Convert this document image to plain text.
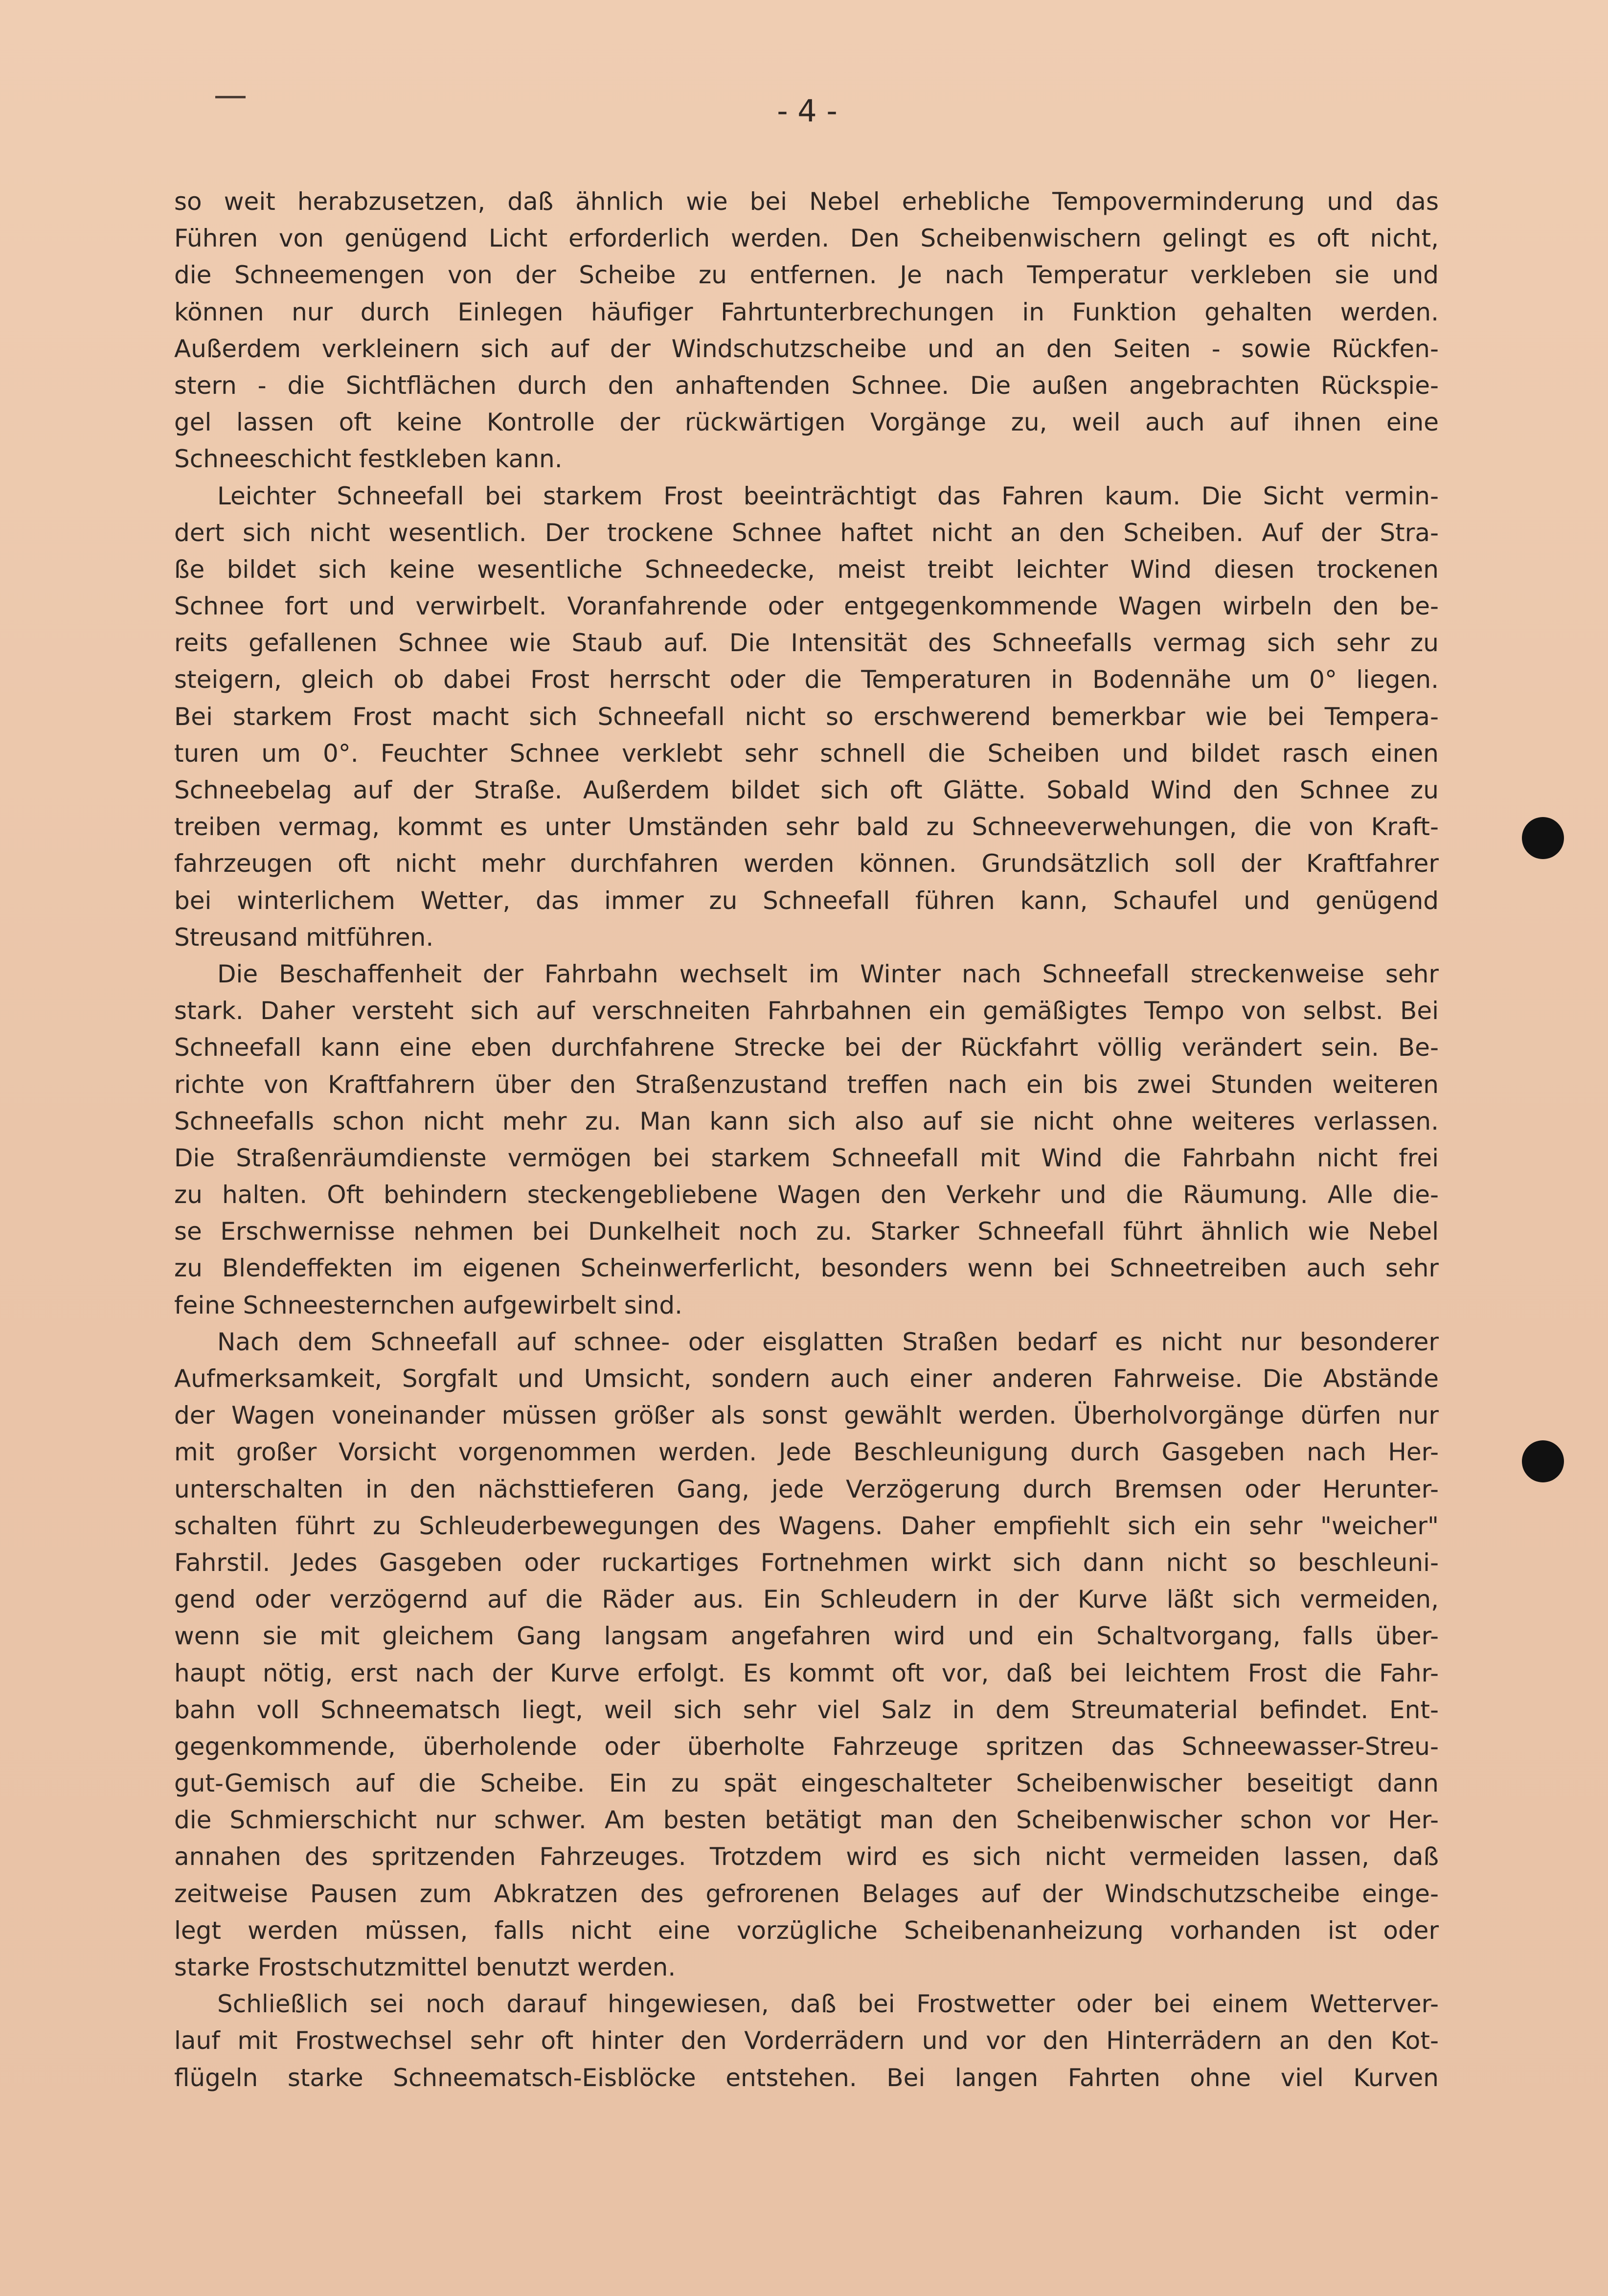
- 4 -
so weit herabzusetzen, daß ähnlich wie bei Nebel erhebliche Tempoverminderung und das
Führen von genügend Licht erforderlich werden. Den Scheibenwischern gelingt es oft nicht,
die Schneemengen von der Scheibe zu entfernen. Je nach Temperatur verkleben sie und
können nur durch Einlegen häufiger Fahrtunterbrechungen in Funktion gehalten werden.
Außerdem verkleinern sich auf der Windschutzscheibe und an den Seiten - sowie Rückfen-
stern - die Sichtflächen durch den anhaftenden Schnee. Die außen angebrachten Rückspie-
gel lassen oft keine Kontrolle der rückwärtigen Vorgänge zu, weil auch auf ihnen eine
Schneeschicht festkleben kann.
Leichter Schneefall bei starkem Frost beeinträchtigt das Fahren kaum. Die Sicht vermin-
dert sich nicht wesentlich. Der trockene Schnee haftet nicht an den Scheiben. Auf der Stra-
ße bildet sich keine wesentliche Schneedecke, meist treibt leichter Wind diesen trockenen
Schnee fort und verwirbelt. Voranfahrende oder entgegenkommende Wagen wirbeln den be-
reits gefallenen Schnee wie Staub auf. Die Intensität des Schneefalls vermag sich sehr zu
steigern, gleich ob dabei Frost herrscht oder die Temperaturen in Bodennähe um 0° liegen.
Bei starkem Frost macht sich Schneefall nicht so erschwerend bemerkbar wie bei Tempera-
turen um 0°. Feuchter Schnee verklebt sehr schnell die Scheiben und bildet rasch einen
Schneebelag auf der Straße. Außerdem bildet sich oft Glätte. Sobald Wind den Schnee zu
treiben vermag, kommt es unter Umständen sehr bald zu Schneeverwehungen, die von Kraft-
fahrzeugen oft nicht mehr durchfahren werden können. Grundsätzlich soll der Kraftfahrer
bei winterlichem Wetter, das immer zu Schneefall führen kann, Schaufel und genügend
Streusand mitführen.
Die Beschaffenheit der Fahrbahn wechselt im Winter nach Schneefall streckenweise sehr
stark. Daher versteht sich auf verschneiten Fahrbahnen ein gemäßigtes Tempo von selbst. Bei
Schneefall kann eine eben durchfahrene Strecke bei der Rückfahrt völlig verändert sein. Be-
richte von Kraftfahrern über den Straßenzustand treffen nach ein bis zwei Stunden weiteren
Schneefalls schon nicht mehr zu. Man kann sich also auf sie nicht ohne weiteres verlassen.
Die Straßenräumdienste vermögen bei starkem Schneefall mit Wind die Fahrbahn nicht frei
zu halten. Oft behindern steckengebliebene Wagen den Verkehr und die Räumung. Alle die-
se Erschwernisse nehmen bei Dunkelheit noch zu. Starker Schneefall führt ähnlich wie Nebel
zu Blendeffekten im eigenen Scheinwerferlicht, besonders wenn bei Schneetreiben auch sehr
feine Schneesternchen aufgewirbelt sind.
Nach dem Schneefall auf schnee- oder eisglatten Straßen bedarf es nicht nur besonderer
Aufmerksamkeit, Sorgfalt und Umsicht, sondern auch einer anderen Fahrweise. Die Abstände
der Wagen voneinander müssen größer als sonst gewählt werden. Überholvorgänge dürfen nur
mit großer Vorsicht vorgenommen werden. Jede Beschleunigung durch Gasgeben nach Her-
unterschalten in den nächsttieferen Gang, jede Verzögerung durch Bremsen oder Herunter-
schalten führt zu Schleuderbewegungen des Wagens. Daher empfiehlt sich ein sehr "weicher"
Fahrstil. Jedes Gasgeben oder ruckartiges Fortnehmen wirkt sich dann nicht so beschleuni-
gend oder verzögernd auf die Räder aus. Ein Schleudern in der Kurve läßt sich vermeiden,
wenn sie mit gleichem Gang langsam angefahren wird und ein Schaltvorgang, falls über-
haupt nötig, erst nach der Kurve erfolgt. Es kommt oft vor, daß bei leichtem Frost die Fahr-
bahn voll Schneematsch liegt, weil sich sehr viel Salz in dem Streumaterial befindet. Ent-
gegenkommende, überholende oder überholte Fahrzeuge spritzen das Schneewasser-Streu-
gut-Gemisch auf die Scheibe. Ein zu spät eingeschalteter Scheibenwischer beseitigt dann
die Schmierschicht nur schwer. Am besten betätigt man den Scheibenwischer schon vor Her-
annahen des spritzenden Fahrzeuges. Trotzdem wird es sich nicht vermeiden lassen, daß
zeitweise Pausen zum Abkratzen des gefrorenen Belages auf der Windschutzscheibe einge-
legt werden müssen, falls nicht eine vorzügliche Scheibenanheizung vorhanden ist oder
starke Frostschutzmittel benutzt werden.
Schließlich sei noch darauf hingewiesen, daß bei Frostwetter oder bei einem Wetterver-
lauf mit Frostwechsel sehr oft hinter den Vorderrädern und vor den Hinterrädern an den Kot-
flügeln starke Schneematsch-Eisblöcke entstehen. Bei langen Fahrten ohne viel Kurven
